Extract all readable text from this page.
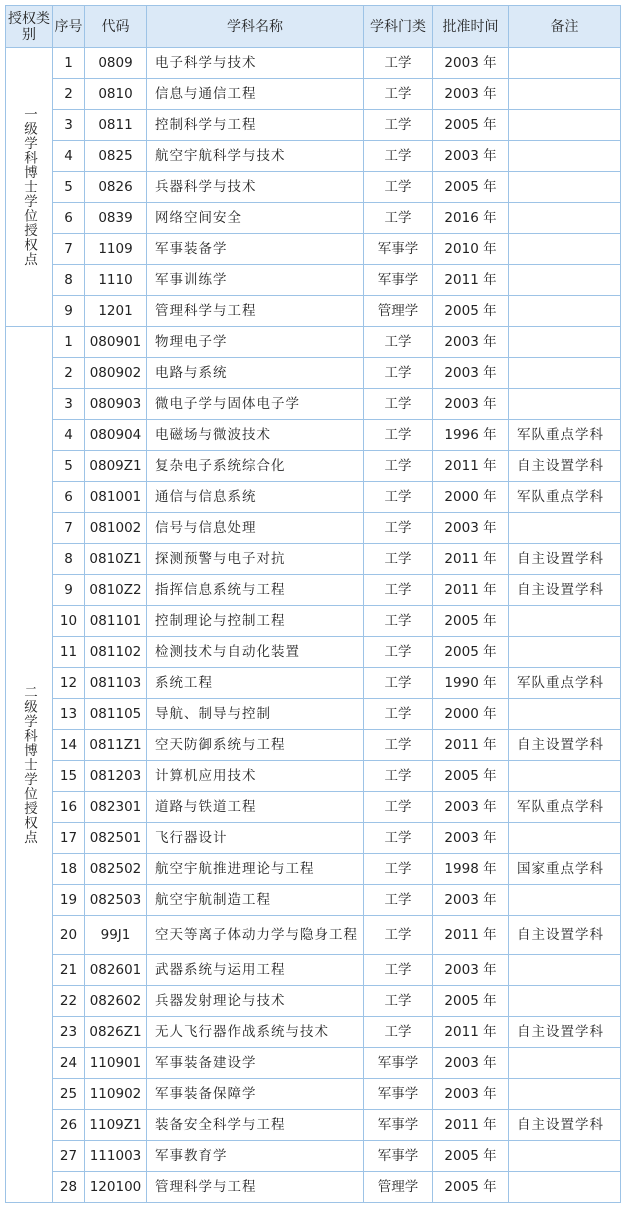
授权类别	序号	代码	学科名称	学科门类	批准时间	备注
一级学科博士学位授权点	1	0809	电子科学与技术	工学	2003 年	
	2	0810	信息与通信工程	工学	2003 年	
	3	0811	控制科学与工程	工学	2005 年	
	4	0825	航空宇航科学与技术	工学	2003 年	
	5	0826	兵器科学与技术	工学	2005 年	
	6	0839	网络空间安全	工学	2016 年	
	7	1109	军事装备学	军事学	2010 年	
	8	1110	军事训练学	军事学	2011 年	
	9	1201	管理科学与工程	管理学	2005 年	
二级学科博士学位授权点	1	080901	物理电子学	工学	2003 年	
	2	080902	电路与系统	工学	2003 年	
	3	080903	微电子学与固体电子学	工学	2003 年	
	4	080904	电磁场与微波技术	工学	1996 年	军队重点学科
	5	0809Z1	复杂电子系统综合化	工学	2011 年	自主设置学科
	6	081001	通信与信息系统	工学	2000 年	军队重点学科
	7	081002	信号与信息处理	工学	2003 年	
	8	0810Z1	探测预警与电子对抗	工学	2011 年	自主设置学科
	9	0810Z2	指挥信息系统与工程	工学	2011 年	自主设置学科
	10	081101	控制理论与控制工程	工学	2005 年	
	11	081102	检测技术与自动化装置	工学	2005 年	
	12	081103	系统工程	工学	1990 年	军队重点学科
	13	081105	导航、制导与控制	工学	2000 年	
	14	0811Z1	空天防御系统与工程	工学	2011 年	自主设置学科
	15	081203	计算机应用技术	工学	2005 年	
	16	082301	道路与铁道工程	工学	2003 年	军队重点学科
	17	082501	飞行器设计	工学	2003 年	
	18	082502	航空宇航推进理论与工程	工学	1998 年	国家重点学科
	19	082503	航空宇航制造工程	工学	2003 年	
	20	99J1	空天等离子体动力学与隐身工程	工学	2011 年	自主设置学科
	21	082601	武器系统与运用工程	工学	2003 年	
	22	082602	兵器发射理论与技术	工学	2005 年	
	23	0826Z1	无人飞行器作战系统与技术	工学	2011 年	自主设置学科
	24	110901	军事装备建设学	军事学	2003 年	
	25	110902	军事装备保障学	军事学	2003 年	
	26	1109Z1	装备安全科学与工程	军事学	2011 年	自主设置学科
	27	111003	军事教育学	军事学	2005 年	
	28	120100	管理科学与工程	管理学	2005 年	
